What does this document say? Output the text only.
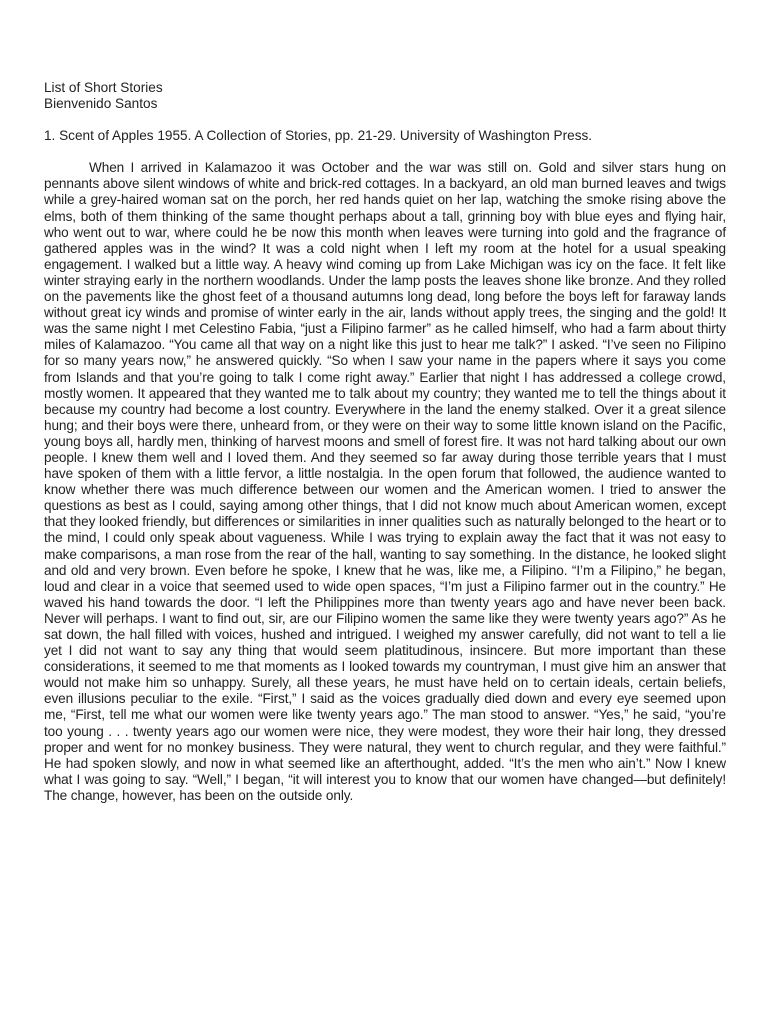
List of Short Stories
Bienvenido Santos
1. Scent of Apples 1955. A Collection of Stories, pp. 21-29. University of Washington Press.

When I arrived in Kalamazoo it was October and the war was still on. Gold and silver stars hung on pennants above silent windows of white and brick-red cottages. In a backyard, an old man burned leaves and twigs while a grey-haired woman sat on the porch, her red hands quiet on her lap, watching the smoke rising above the elms, both of them thinking of the same thought perhaps about a tall, grinning boy with blue eyes and flying hair, who went out to war, where could he be now this month when leaves were turning into gold and the fragrance of gathered apples was in the wind? It was a cold night when I left my room at the hotel for a usual speaking engagement. I walked but a little way. A heavy wind coming up from Lake Michigan was icy on the face. It felt like winter straying early in the northern woodlands. Under the lamp posts the leaves shone like bronze. And they rolled on the pavements like the ghost feet of a thousand autumns long dead, long before the boys left for faraway lands without great icy winds and promise of winter early in the air, lands without apply trees, the singing and the gold! It was the same night I met Celestino Fabia, “just a Filipino farmer” as he called himself, who had a farm about thirty miles of Kalamazoo. “You came all that way on a night like this just to hear me talk?” I asked. “I’ve seen no Filipino for so many years now,” he answered quickly. “So when I saw your name in the papers where it says you come from Islands and that you’re going to talk I come right away.” Earlier that night I has addressed a college crowd, mostly women. It appeared that they wanted me to talk about my country; they wanted me to tell the things about it because my country had become a lost country. Everywhere in the land the enemy stalked. Over it a great silence hung; and their boys were there, unheard from, or they were on their way to some little known island on the Pacific, young boys all, hardly men, thinking of harvest moons and smell of forest fire. It was not hard talking about our own people. I knew them well and I loved them. And they seemed so far away during those terrible years that I must have spoken of them with a little fervor, a little nostalgia. In the open forum that followed, the audience wanted to know whether there was much difference between our women and the American women. I tried to answer the questions as best as I could, saying among other things, that I did not know much about American women, except that they looked friendly, but differences or similarities in inner qualities such as naturally belonged to the heart or to the mind, I could only speak about vagueness. While I was trying to explain away the fact that it was not easy to make comparisons, a man rose from the rear of the hall, wanting to say something. In the distance, he looked slight and old and very brown. Even before he spoke, I knew that he was, like me, a Filipino. “I’m a Filipino,” he began, loud and clear in a voice that seemed used to wide open spaces, “I’m just a Filipino farmer out in the country.” He waved his hand towards the door. “I left the Philippines more than twenty years ago and have never been back. Never will perhaps. I want to find out, sir, are our Filipino women the same like they were twenty years ago?” As he sat down, the hall filled with voices, hushed and intrigued. I weighed my answer carefully, did not want to tell a lie yet I did not want to say any thing that would seem platitudinous, insincere. But more important than these considerations, it seemed to me that moments as I looked towards my countryman, I must give him an answer that would not make him so unhappy. Surely, all these years, he must have held on to certain ideals, certain beliefs, even illusions peculiar to the exile. “First,” I said as the voices gradually died down and every eye seemed upon me, “First, tell me what our women were like twenty years ago.” The man stood to answer. “Yes,” he said, “you’re too young . . . twenty years ago our women were nice, they were modest, they wore their hair long, they dressed proper and went for no monkey business. They were natural, they went to church regular, and they were faithful.” He had spoken slowly, and now in what seemed like an afterthought, added. “It’s the men who ain’t.” Now I knew what I was going to say. “Well,” I began, “it will interest you to know that our women have changed—but definitely! The change, however, has been on the outside only.
